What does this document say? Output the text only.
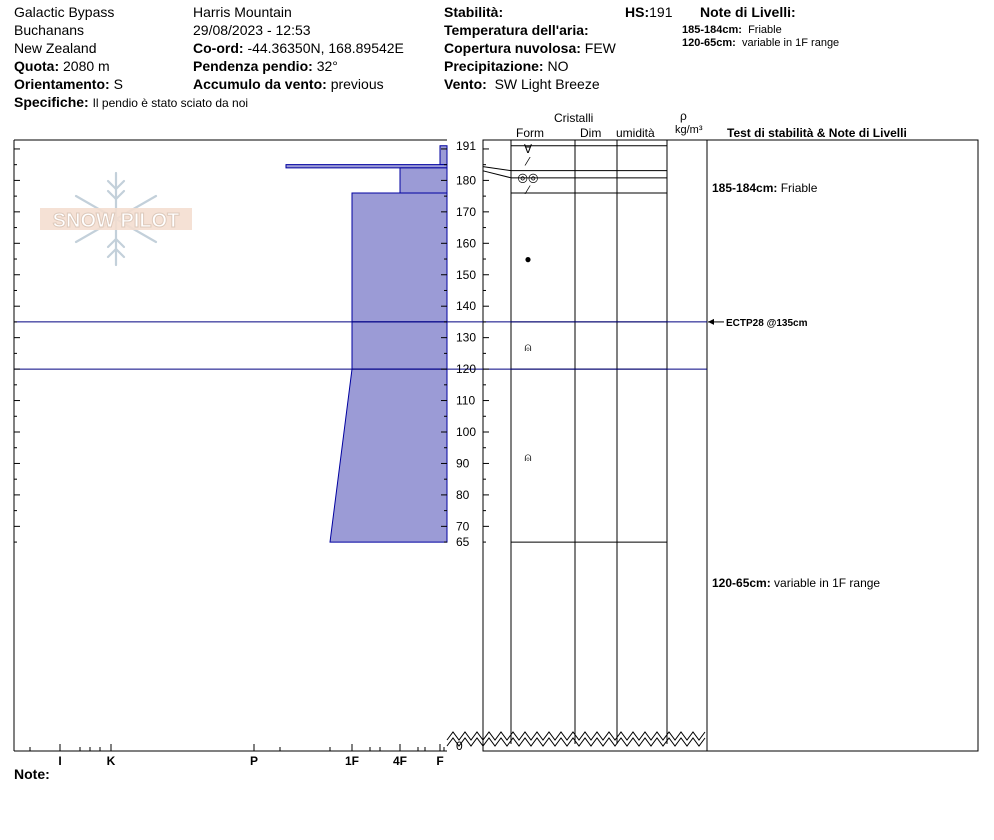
Galactic Bypass
Buchanans
New Zealand
Quota: 2080 m
Orientamento: S
Specifiche: Il pendio è stato sciato da noi
Harris Mountain
29/08/2023 - 12:53
Co-ord: -44.36350N, 168.89542E
Pendenza pendio: 32°
Accumulo da vento: previous
Stabilità:
Temperatura dell'aria:
Copertura nuvolosa: FEW
Precipitazione: NO
Vento: SW Light Breeze
HS:191 Note di Livelli:
185-184cm: Friable
120-65cm: variable in 1F range
Cristalli
Form	Dim umidità
ρ
kg/m³ Test di stabilità & Note di Livelli
191
180
170
160
150
140
130
120
110
100
90
80
70
65
0
I	K	P	1F	4F F
∀
⁄
◎◎
⁄
●
⍝
⍝
ECTP28 @135cm
185-184cm: Friable
120-65cm: variable in 1F range
SNOW PILOT
Note:
